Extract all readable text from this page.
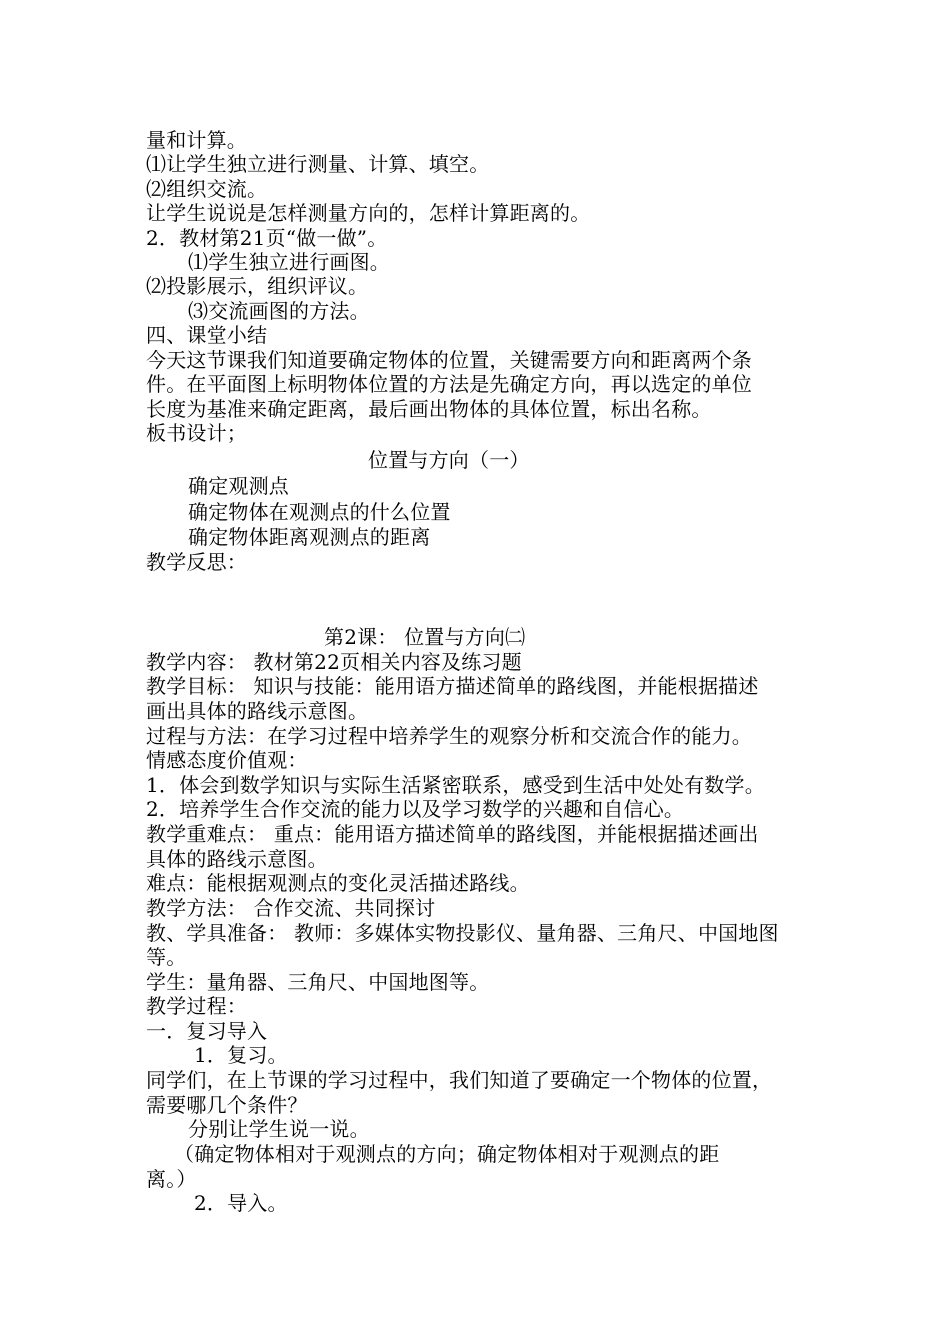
量和计算。
⑴让学生独立进行测量、计算、填空。
⑵组织交流。
让学生说说是怎样测量方向的，怎样计算距离的。
2．教材第21页“做一做”。
⑴学生独立进行画图。
⑵投影展示，组织评议。
⑶交流画图的方法。
四、课堂小结
今天这节课我们知道要确定物体的位置，关键需要方向和距离两个条
件。在平面图上标明物体位置的方法是先确定方向，再以选定的单位
长度为基准来确定距离，最后画出物体的具体位置，标出名称。
板书设计；
位置与方向（一）
确定观测点
确定物体在观测点的什么位置
确定物体距离观测点的距离
教学反思：
第2课： 位置与方向㈡
教学内容： 教材第22页相关内容及练习题
教学目标： 知识与技能：能用语方描述简单的路线图，并能根据描述
画出具体的路线示意图。
过程与方法：在学习过程中培养学生的观察分析和交流合作的能力。
情感态度价值观：
1．体会到数学知识与实际生活紧密联系，感受到生活中处处有数学。
2．培养学生合作交流的能力以及学习数学的兴趣和自信心。
教学重难点： 重点：能用语方描述简单的路线图，并能根据描述画出
具体的路线示意图。
难点：能根据观测点的变化灵活描述路线。
教学方法： 合作交流、共同探讨
教、学具准备： 教师：多媒体实物投影仪、量角器、三角尺、中国地图
等。
学生：量角器、三角尺、中国地图等。
教学过程：
一．复习导入
1．复习。
同学们，在上节课的学习过程中，我们知道了要确定一个物体的位置，
需要哪几个条件？
分别让学生说一说。
（确定物体相对于观测点的方向；确定物体相对于观测点的距
离。）
2．导入。
